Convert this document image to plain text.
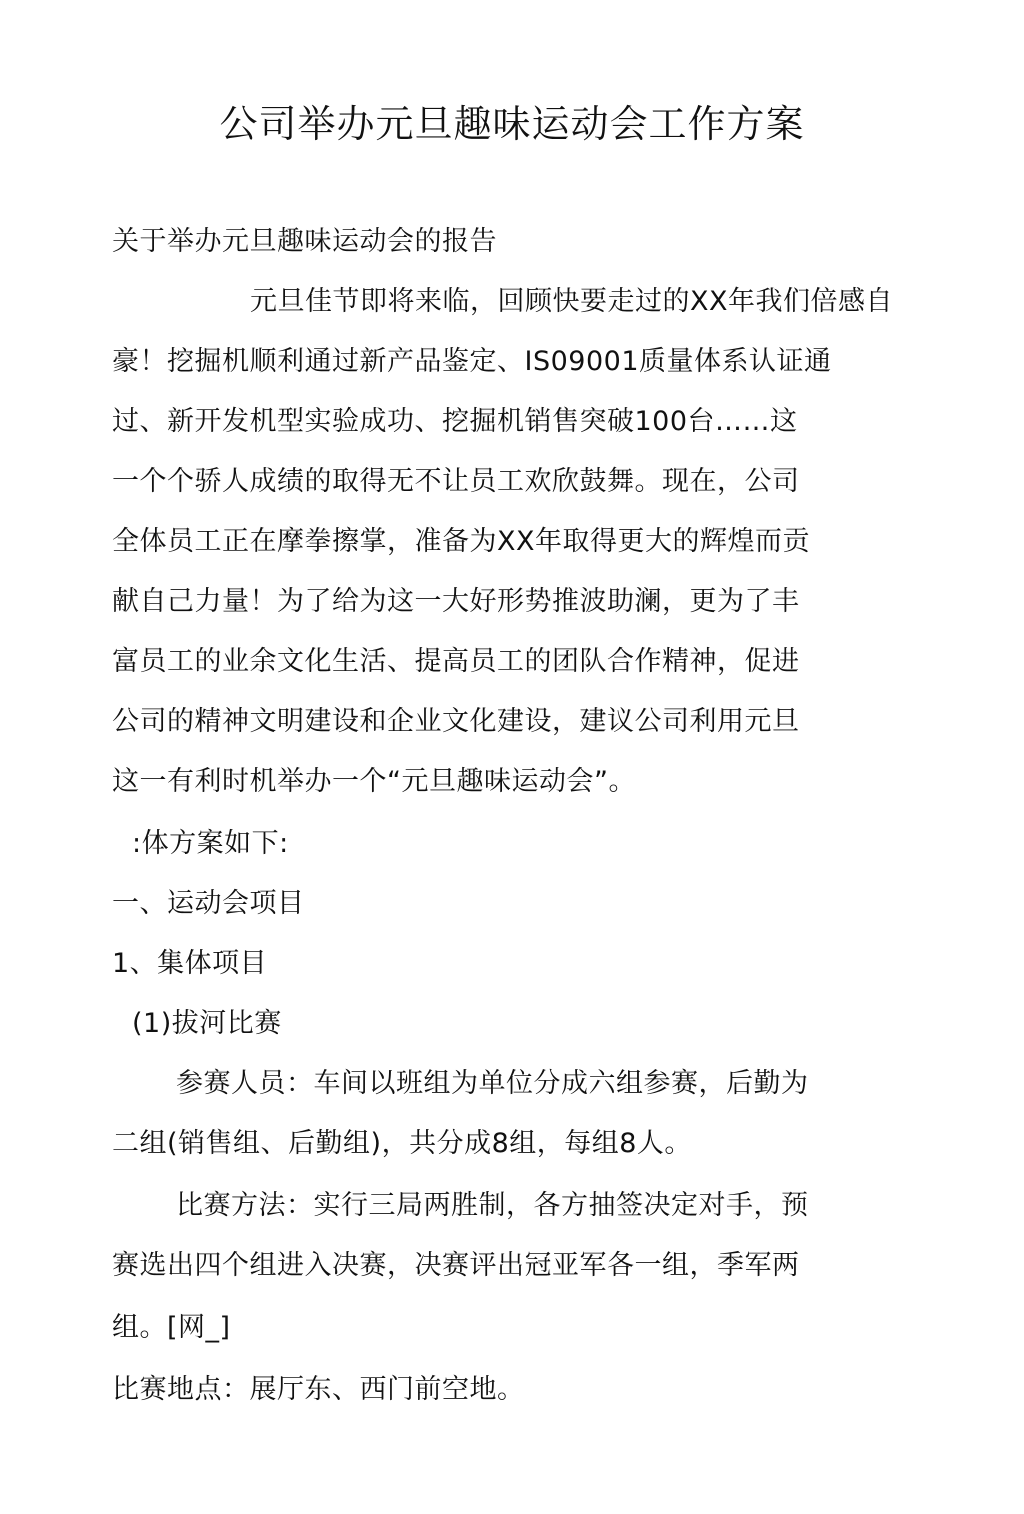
公司举办元旦趣味运动会工作方案
关于举办元旦趣味运动会的报告
元旦佳节即将来临，回顾快要走过的XX年我们倍感自
豪！挖掘机顺利通过新产品鉴定、IS09001质量体系认证通
过、新开发机型实验成功、挖掘机销售突破100台……这
一个个骄人成绩的取得无不让员工欢欣鼓舞。现在，公司
全体员工正在摩拳擦掌，准备为XX年取得更大的辉煌而贡
献自己力量！为了给为这一大好形势推波助澜，更为了丰
富员工的业余文化生活、提高员工的团队合作精神，促进
公司的精神文明建设和企业文化建设，建议公司利用元旦
这一有利时机举办一个“元旦趣味运动会”。
:体方案如下:
一、运动会项目
1、集体项目
(1)拔河比赛
参赛人员：车间以班组为单位分成六组参赛，后勤为
二组(销售组、后勤组)，共分成8组，每组8人。
比赛方法：实行三局两胜制，各方抽签决定对手，预
赛选出四个组进入决赛，决赛评出冠亚军各一组，季军两
组。[网_]
比赛地点：展厅东、西门前空地。
